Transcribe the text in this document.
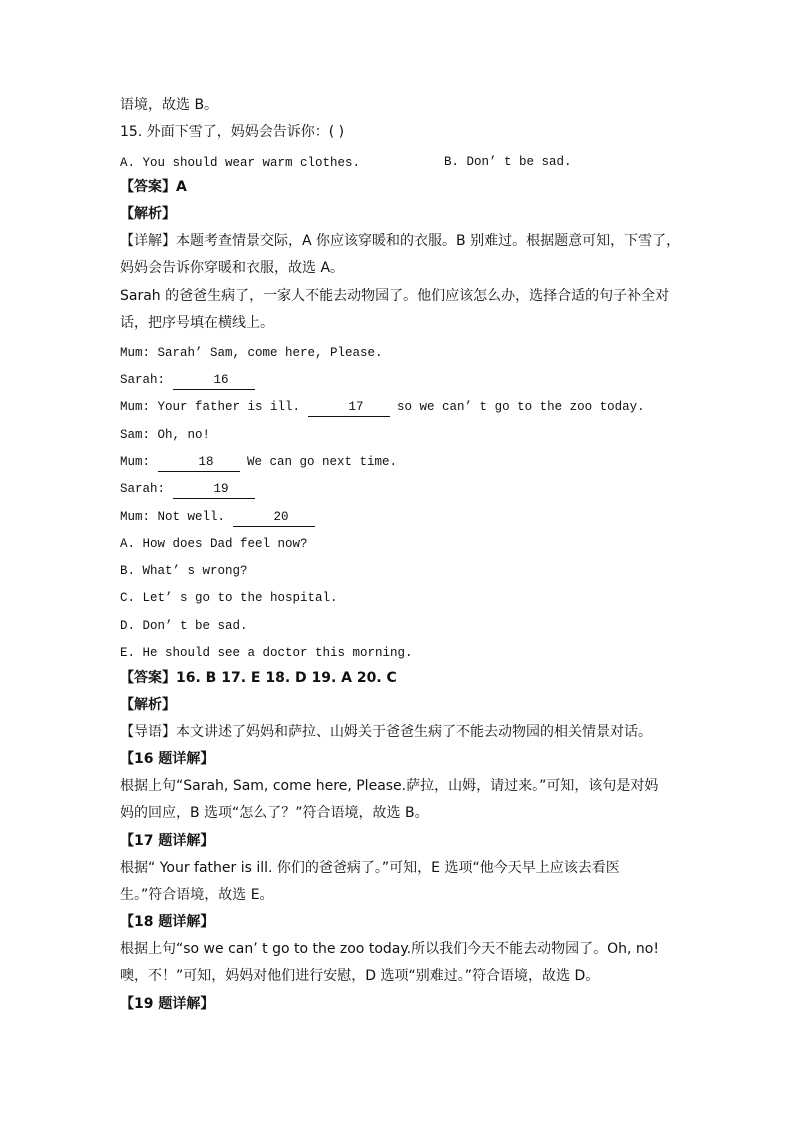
语境，故选 B。
15. 外面下雪了，妈妈会告诉你：( )
A. You should wear warm clothes.	B. Don’ t be sad.
【答案】A
【解析】
【详解】本题考查情景交际，A 你应该穿暖和的衣服。B 别难过。根据题意可知，下雪了，
妈妈会告诉你穿暖和衣服，故选 A。
Sarah 的爸爸生病了，一家人不能去动物园了。他们应该怎么办，选择合适的句子补全对
话，把序号填在横线上。
Mum: Sarah’ Sam, come here, Please.
Sarah:	16
Mum: Your father is ill.	17 so we can’ t go to the zoo today.
Sam: Oh, no!
Mum:	18 We can go next time.
Sarah:	19
Mum: Not well.	20
A. How does Dad feel now?
B. What’ s wrong?
C. Let’ s go to the hospital.
D. Don’ t be sad.
E. He should see a doctor this morning.
【答案】16. B 17. E 18. D 19. A 20. C
【解析】
【导语】本文讲述了妈妈和萨拉、山姆关于爸爸生病了不能去动物园的相关情景对话。
【16 题详解】
根据上句“Sarah, Sam, come here, Please.萨拉，山姆，请过来。”可知，该句是对妈
妈的回应，B 选项“怎么了？”符合语境，故选 B。
【17 题详解】
根据“ Your father is ill. 你们的爸爸病了。”可知，E 选项“他今天早上应该去看医
生。”符合语境，故选 E。
【18 题详解】
根据上句“so we can’ t go to the zoo today.所以我们今天不能去动物园了。Oh, no!
噢，不！”可知，妈妈对他们进行安慰，D 选项“别难过。”符合语境，故选 D。
【19 题详解】
